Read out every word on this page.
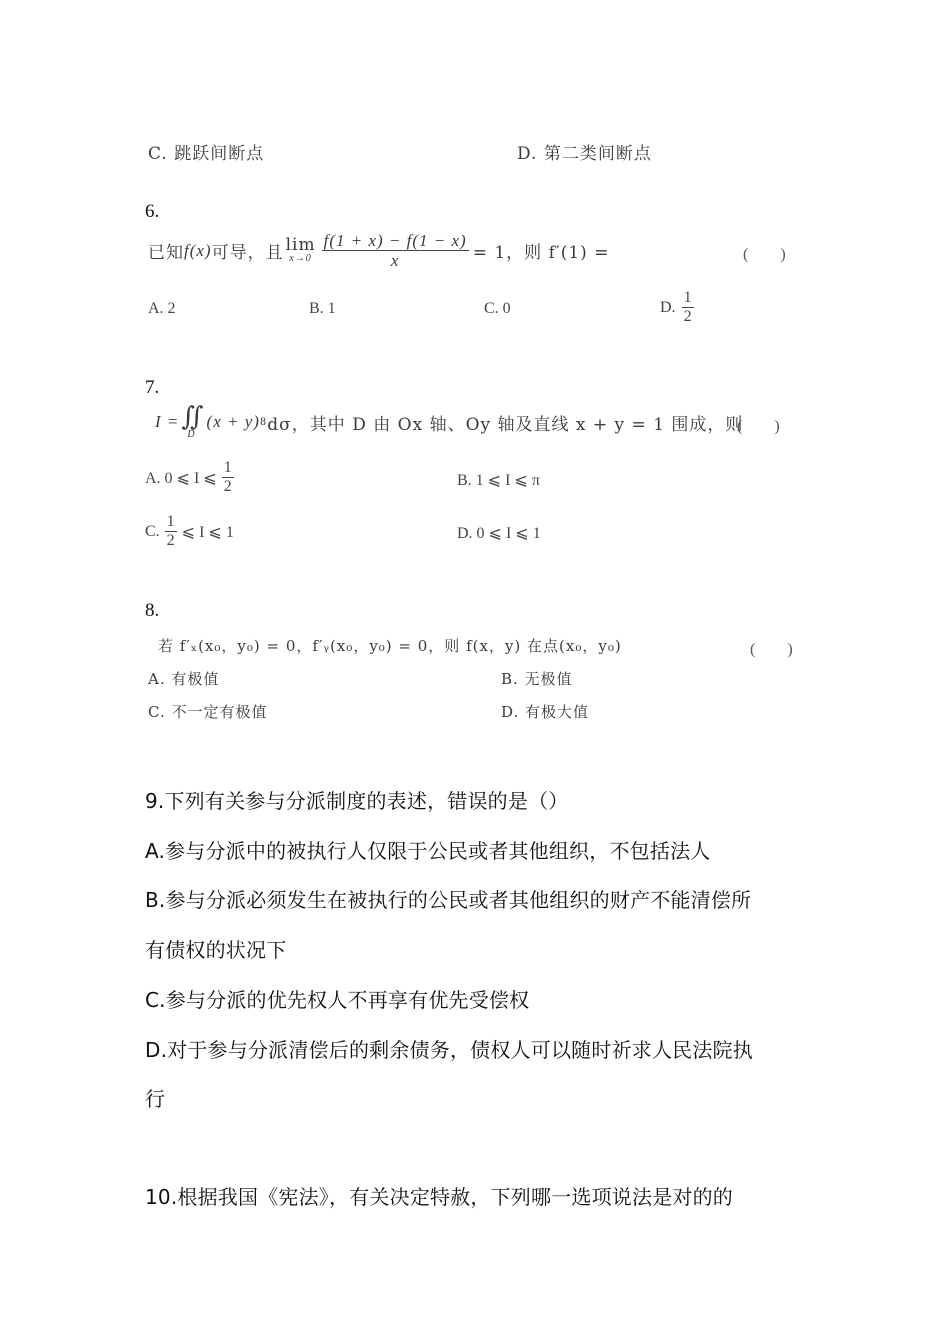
C. 跳跃间断点	D. 第二类间断点
6.
已知 f(x) 可导，且 lim
$x\to 0 \frac{f(1 + x) - f(1 - x)}{x} = 1$，则 f′(1) =	(　　)
A. 2	B. 1	C. 0	D. $\frac{1}{2}$
7.
I = ∬
D
(x + y) 8 dσ， 其中 D 由 Ox 轴、Oy 轴及直线 x + y = 1 围成，则
(　　)
A. 0 ⩽ I ⩽ $\frac{1}{2}$	B. 1 ⩽ I ⩽ π
C. $\frac{1}{2}$ ⩽ I ⩽ 1	D. 0 ⩽ I ⩽ 1
8.
若 f′ₓ(x₀，y₀) = 0，f′ᵧ(x₀，y₀) = 0，则 f(x，y) 在点(x₀，y₀)	(　　)
A. 有极值	B. 无极值
C. 不一定有极值	D. 有极大值
9.下列有关参与分派制度的表述，错误的是（）
A.参与分派中的被执行人仅限于公民或者其他组织，不包括法人
B.参与分派必须发生在被执行的公民或者其他组织的财产不能清偿所
有债权的状况下
C.参与分派的优先权人不再享有优先受偿权
D.对于参与分派清偿后的剩余债务，债权人可以随时祈求人民法院执
行
10.根据我国《宪法》，有关决定特赦，下列哪一选项说法是对的的
